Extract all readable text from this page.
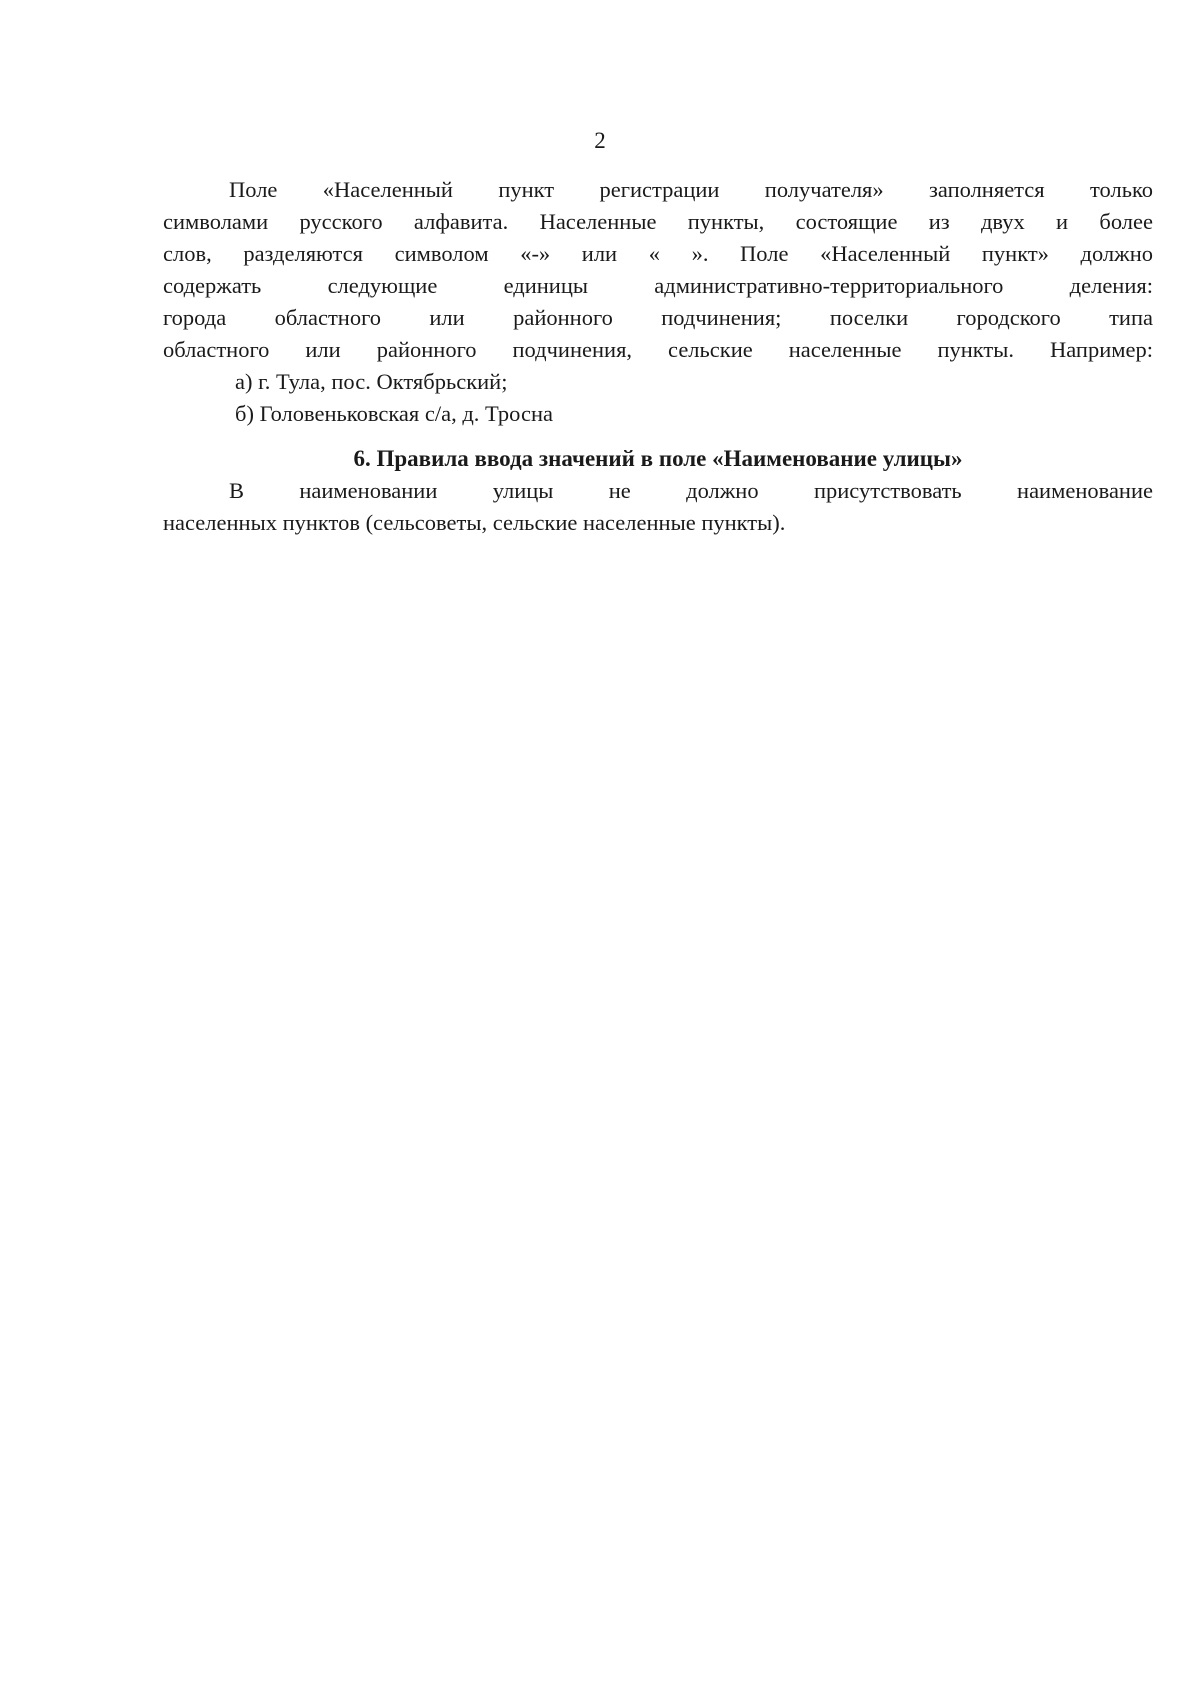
2
Поле «Населенный пункт регистрации получателя» заполняется только
символами русского алфавита. Населенные пункты, состоящие из двух и более
слов, разделяются символом «-» или « ». Поле «Населенный пункт» должно
содержать следующие единицы административно-территориального деления:
города областного или районного подчинения; поселки городского типа
областного или районного подчинения, сельские населенные пункты. Например:
а) г. Тула, пос. Октябрьский;
б) Головеньковская с/а, д. Тросна
6. Правила ввода значений в поле «Наименование улицы»
В наименовании улицы не должно присутствовать наименование
населенных пунктов (сельсоветы, сельские населенные пункты).
